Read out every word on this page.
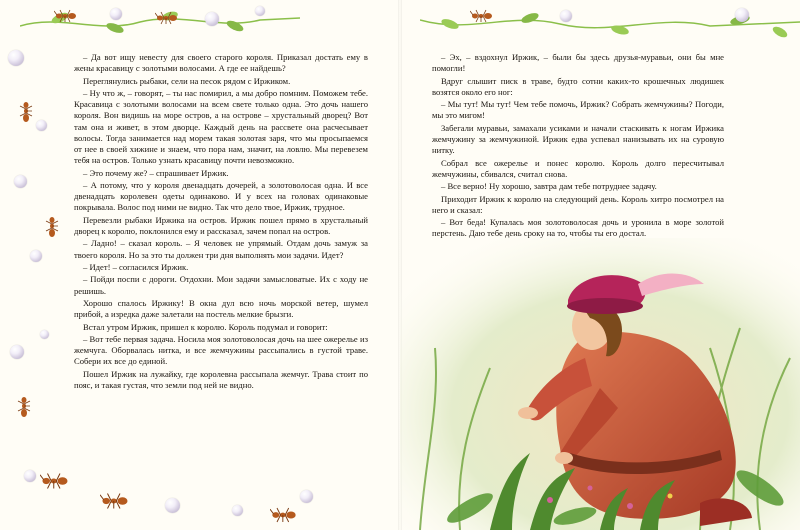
– Да вот ищу невесту для своего старого короля. Приказал достать ему в жены красавицу с золотыми волосами. А где ее найдешь?

Переглянулись рыбаки, сели на песок рядом с Иржиком.

– Ну что ж, – говорят, – ты нас помирил, а мы добро помним. Поможем тебе. Красавица с золотыми волосами на всем свете только одна. Это дочь нашего короля. Вон видишь на море остров, а на острове – хрустальный дворец? Вот там она и живет, в этом дворце. Каждый день на рассвете она расчесывает волосы. Тогда занимается над морем такая золотая заря, что мы просыпаемся от нее в своей хижине и знаем, что пора нам, значит, на ловлю. Мы перевезем тебя на остров. Только узнать красавицу почти невозможно.

– Это почему же? – спрашивает Иржик.

– А потому, что у короля двенадцать дочерей, а золотоволосая одна. И все двенадцать королевен одеты одинаково. И у всех на головах одинаковые покрывала. Волос под ними не видно. Так что дело твое, Иржик, трудное.

Перевезли рыбаки Иржика на остров. Иржик пошел прямо в хрустальный дворец к королю, поклонился ему и рассказал, зачем попал на остров.

– Ладно! – сказал король. – Я человек не упрямый. Отдам дочь замуж за твоего короля. Но за это ты должен три дня выполнять мои задачи. Идет?

– Идет! – согласился Иржик.

– Пойди поспи с дороги. Отдохни. Мои задачи замысловатые. Их с ходу не решишь.

Хорошо спалось Иржику! В окна дул всю ночь морской ветер, шумел прибой, а изредка даже залетали на постель мелкие брызги.

Встал утром Иржик, пришел к королю. Король подумал и говорит:

– Вот тебе первая задача. Носила моя золотоволосая дочь на шее ожерелье из жемчуга. Оборвалась нитка, и все жемчужины рассыпались в густой траве. Собери их все до единой.

Пошел Иржик на лужайку, где королевна рассыпала жемчуг. Трава стоит по пояс, и такая густая, что земли под ней не видно.

– Эх, – вздохнул Иржик, – были бы здесь друзья-муравьи, они бы мне помогли!

Вдруг слышит писк в траве, будто сотни каких-то крошечных людишек возятся около его ног:

– Мы тут! Мы тут! Чем тебе помочь, Иржик? Собрать жемчужины? Погоди, мы это мигом!

Забегали муравьи, замахали усиками и начали стаскивать к ногам Иржика жемчужину за жемчужиной. Иржик едва успевал нанизывать их на суровую нитку.

Собрал все ожерелье и понес королю. Король долго пересчитывал жемчужины, сбивался, считал снова.

– Все верно! Ну хорошо, завтра дам тебе потруднее задачу.

Приходит Иржик к королю на следующий день. Король хитро посмотрел на него и сказал:

– Вот беда! Купалась моя золотоволосая дочь и уронила в море золотой перстень. Даю тебе день сроку на то, чтобы ты его достал.
